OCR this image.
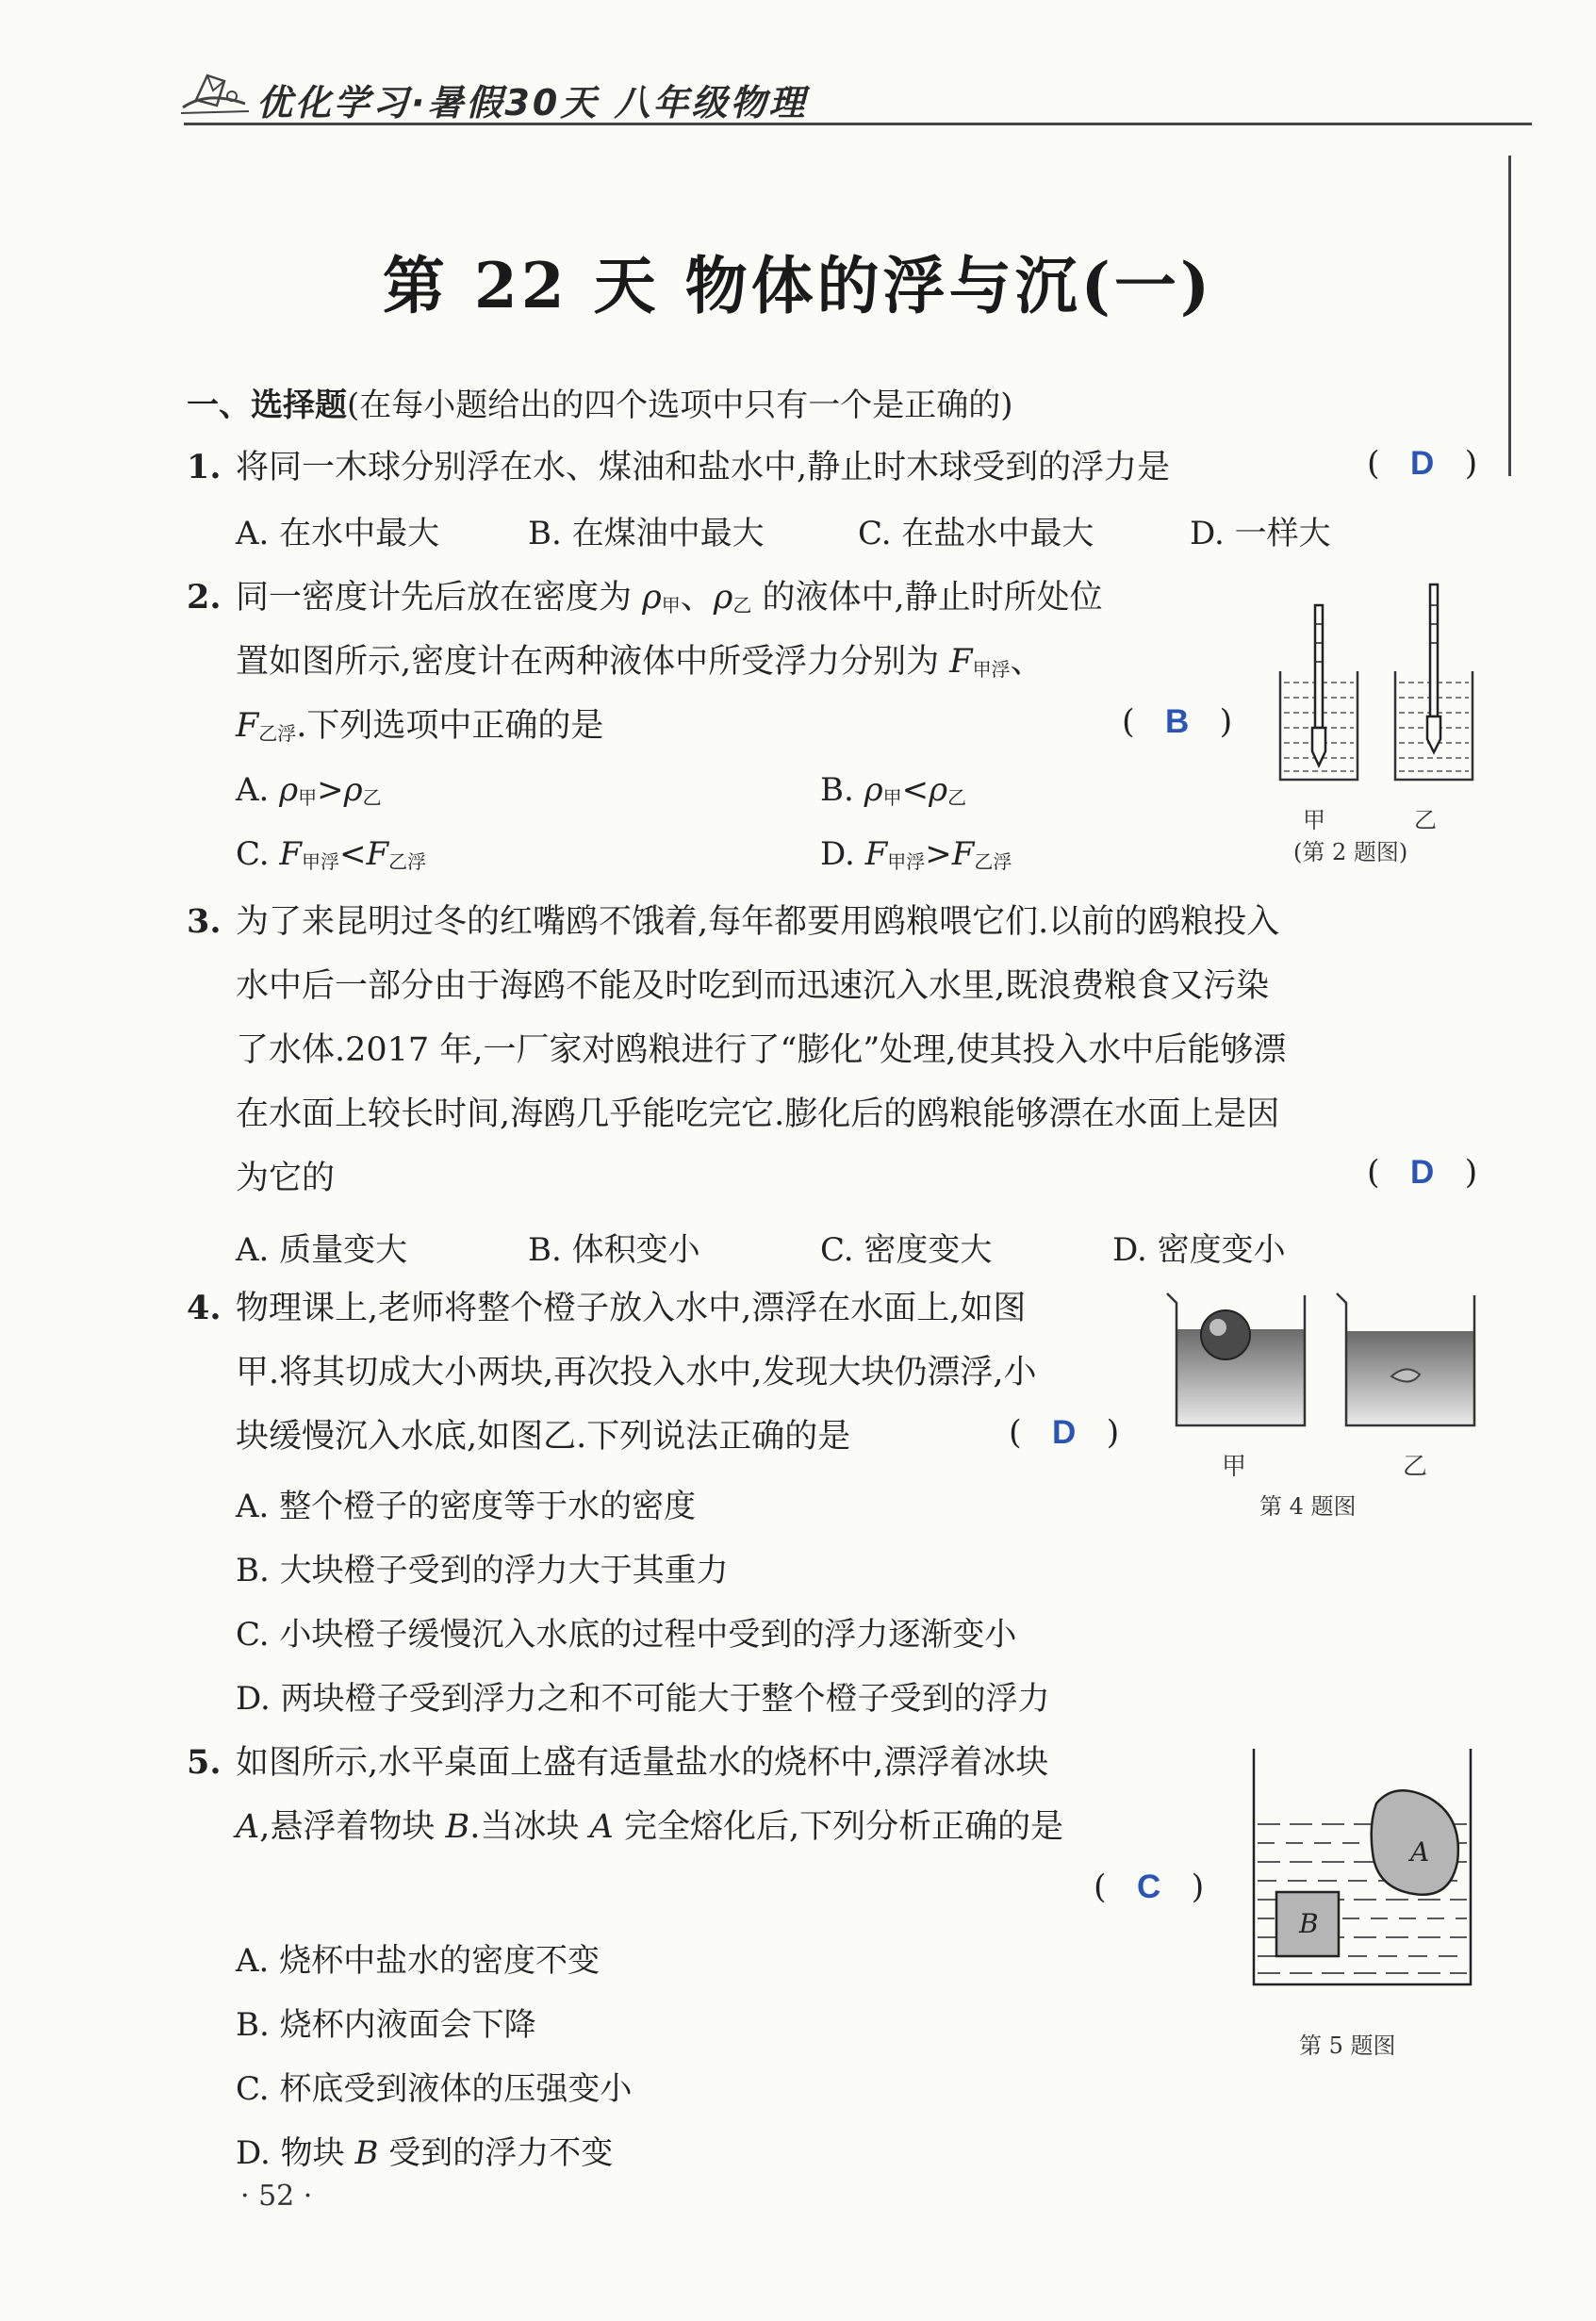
优化学习·暑假30天 八年级物理
第 22 天 物体的浮与沉(一)
一、选择题(在每小题给出的四个选项中只有一个是正确的)
1. 将同一木球分别浮在水、煤油和盐水中,静止时木球受到的浮力是	( D )
A. 在水中最大	B. 在煤油中最大	C. 在盐水中最大	D. 一样大
2. 同一密度计先后放在密度为 $\rho_甲$、$\rho_乙$ 的液体中,静止时所处位
置如图所示,密度计在两种液体中所受浮力分别为 $F_{甲浮}$、
$F_{乙浮}$.下列选项中正确的是	( B )
A. $\rho_甲>\rho_乙$	B. $\rho_甲<\rho_乙$
C. $F_{甲浮}<F_{乙浮}$	D. $F_{甲浮}>F_{乙浮}$
甲	乙
(第 2 题图)
3. 为了来昆明过冬的红嘴鸥不饿着,每年都要用鸥粮喂它们.以前的鸥粮投入
水中后一部分由于海鸥不能及时吃到而迅速沉入水里,既浪费粮食又污染
了水体.2017 年,一厂家对鸥粮进行了“膨化”处理,使其投入水中后能够漂
在水面上较长时间,海鸥几乎能吃完它.膨化后的鸥粮能够漂在水面上是因
为它的	( D )
A. 质量变大	B. 体积变小	C. 密度变大	D. 密度变小
4. 物理课上,老师将整个橙子放入水中,漂浮在水面上,如图
甲.将其切成大小两块,再次投入水中,发现大块仍漂浮,小
块缓慢沉入水底,如图乙.下列说法正确的是	( D )
A. 整个橙子的密度等于水的密度
B. 大块橙子受到的浮力大于其重力
C. 小块橙子缓慢沉入水底的过程中受到的浮力逐渐变小
D. 两块橙子受到浮力之和不可能大于整个橙子受到的浮力
甲	乙
第 4 题图
5. 如图所示,水平桌面上盛有适量盐水的烧杯中,漂浮着冰块
A,悬浮着物块 B.当冰块 A 完全熔化后,下列分析正确的是
( C )
A. 烧杯中盐水的密度不变
B. 烧杯内液面会下降
C. 杯底受到液体的压强变小
D. 物块 B 受到的浮力不变
B
A
第 5 题图
· 52 ·
